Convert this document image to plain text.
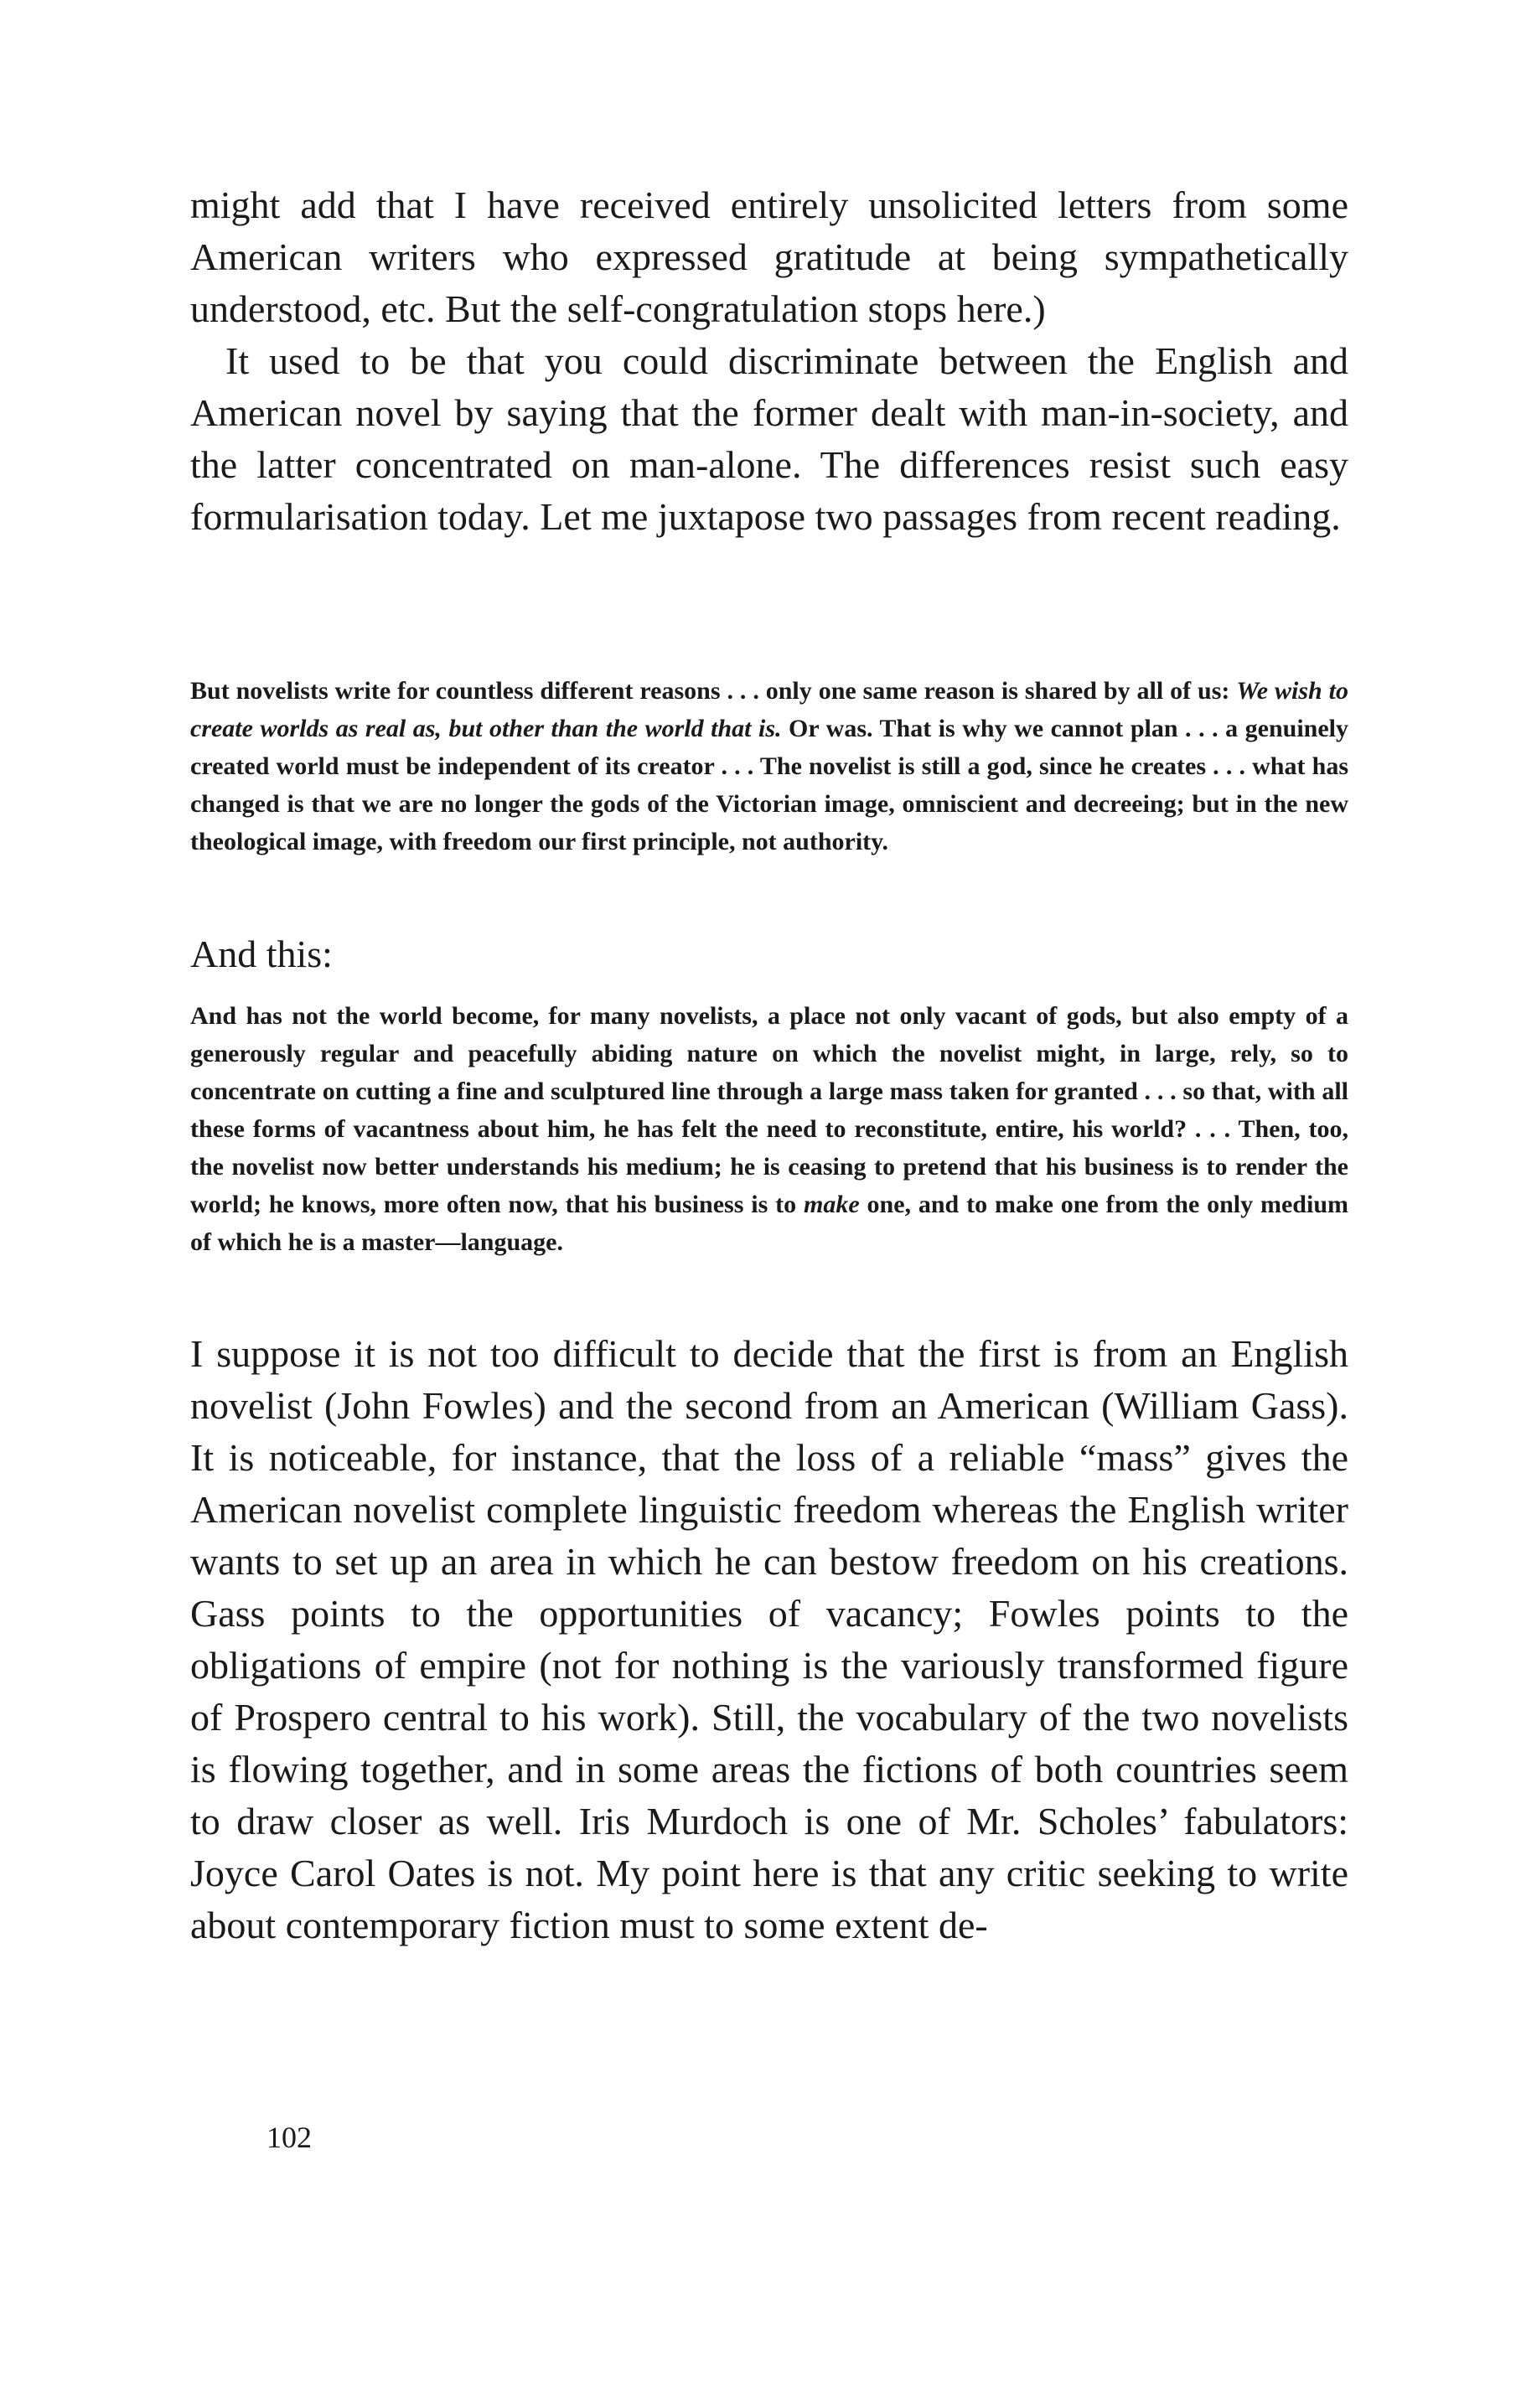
might add that I have received entirely unsolicited letters from some American writers who expressed gratitude at being sympathetically understood, etc. But the self-congratulation stops here.)

It used to be that you could discriminate between the English and American novel by saying that the former dealt with man-in-society, and the latter concentrated on man-alone. The differences resist such easy formularisation today. Let me juxtapose two passages from recent reading.

But novelists write for countless different reasons . . . only one same reason is shared by all of us: We wish to create worlds as real as, but other than the world that is. Or was. That is why we cannot plan . . . a genuinely created world must be independent of its creator . . . The novelist is still a god, since he creates . . . what has changed is that we are no longer the gods of the Victorian image, omniscient and decreeing; but in the new theological image, with freedom our first principle, not authority.

And this:

And has not the world become, for many novelists, a place not only vacant of gods, but also empty of a generously regular and peacefully abiding nature on which the novelist might, in large, rely, so to concentrate on cutting a fine and sculptured line through a large mass taken for granted . . . so that, with all these forms of vacantness about him, he has felt the need to reconstitute, entire, his world? . . . Then, too, the novelist now better understands his medium; he is ceasing to pretend that his business is to render the world; he knows, more often now, that his business is to make one, and to make one from the only medium of which he is a master—language.

I suppose it is not too difficult to decide that the first is from an English novelist (John Fowles) and the second from an American (William Gass). It is noticeable, for instance, that the loss of a reliable “mass” gives the American novelist complete linguistic freedom whereas the English writer wants to set up an area in which he can bestow freedom on his creations. Gass points to the opportunities of vacancy; Fowles points to the obligations of empire (not for nothing is the variously transformed figure of Prospero central to his work). Still, the vocabulary of the two novelists is flowing together, and in some areas the fictions of both countries seem to draw closer as well. Iris Murdoch is one of Mr. Scholes’ fabulators: Joyce Carol Oates is not. My point here is that any critic seeking to write about contemporary fiction must to some extent de-

102
